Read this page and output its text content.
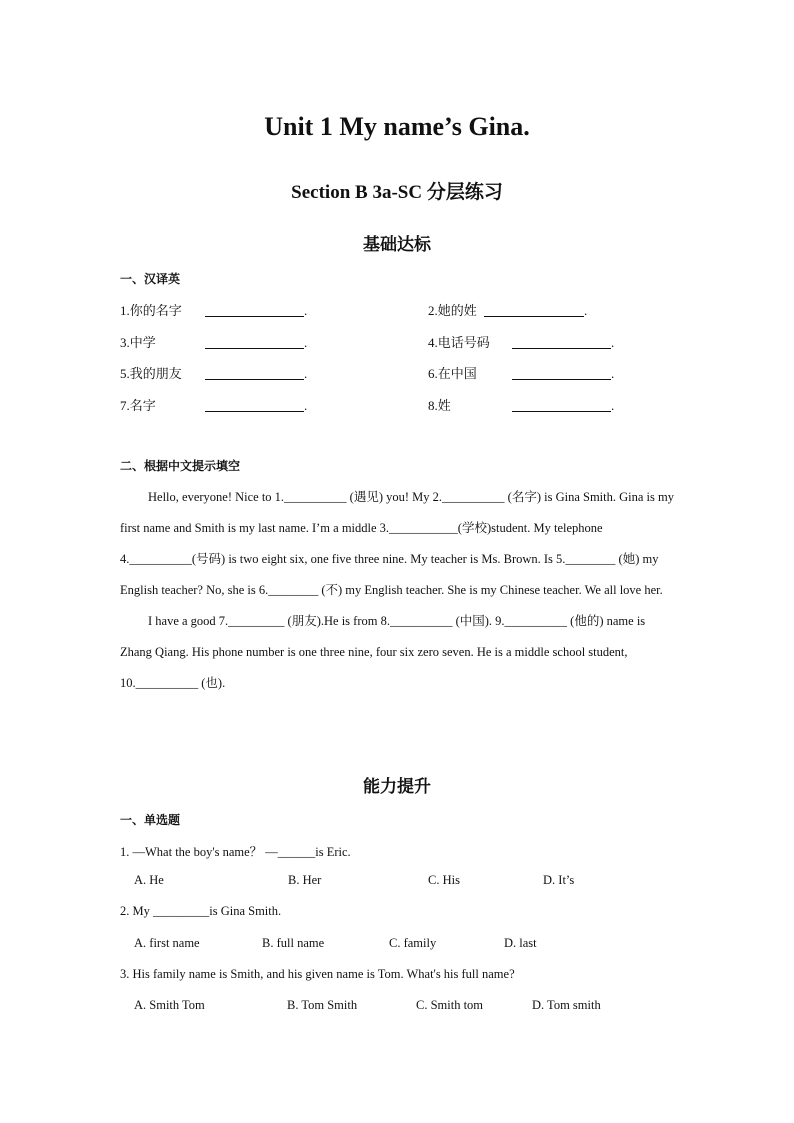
Unit 1 My name’s Gina.
Section B 3a-SC 分层练习
基础达标
一、汉译英
1.你的名字	.	2.她的姓	.
3.中学	.	4.电话号码	.
5.我的朋友	.	6.在中国	.
7.名字	.	8.姓	.
二、根据中文提示填空

Hello, everyone! Nice to 1.__________ (遇见) you! My 2.__________ (名字) is Gina Smith. Gina is my first name and Smith is my last name. I’m a middle 3.___________(学校)student. My telephone 4.__________(号码) is two eight six, one five three nine. My teacher is Ms. Brown. Is 5.________ (她) my English teacher? No, she is 6.________ (不) my English teacher. She is my Chinese teacher. We all love her.

I have a good 7._________ (朋友).He is from 8.__________ (中国). 9.__________ (他的) name is Zhang Qiang. His phone number is one three nine, four six zero seven. He is a middle school student, 10.__________ (也).

能力提升
一、单选题
1. —What the boy's name？ —______is Eric.
A. He	B. Her	C. His	D. It’s
2. My _________is Gina Smith.
A. first name	B. full name	C. family	D. last
3. His family name is Smith, and his given name is Tom. What's his full name?
A. Smith Tom	B. Tom Smith	C. Smith tom	D. Tom smith
